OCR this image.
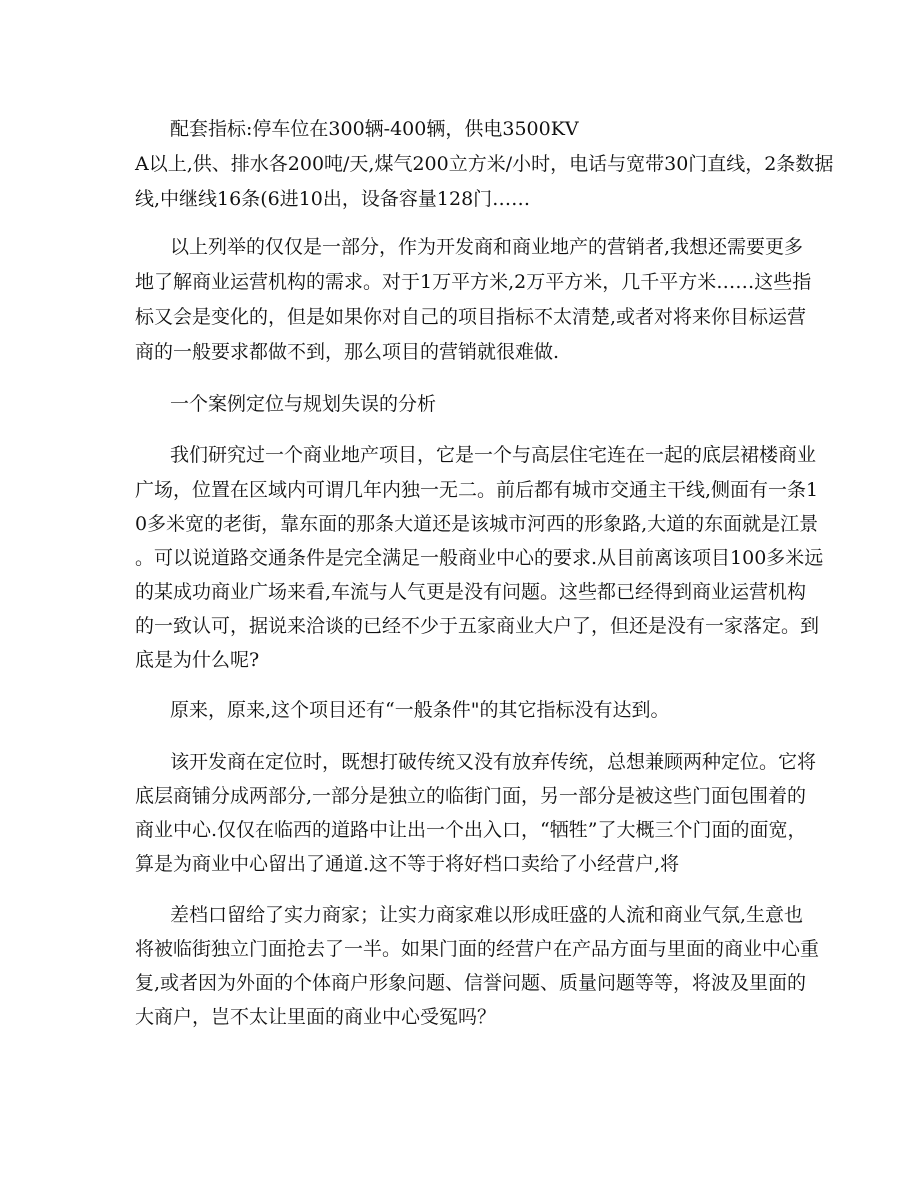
配套指标:停车位在300辆-400辆，供电3500KV
A以上,供、排水各200吨/天,煤气200立方米/小时，电话与宽带30门直线，2条数据
线,中继线16条(6进10出，设备容量128门……
以上列举的仅仅是一部分，作为开发商和商业地产的营销者,我想还需要更多
地了解商业运营机构的需求。对于1万平方米,2万平方米，几千平方米……这些指
标又会是变化的，但是如果你对自己的项目指标不太清楚,或者对将来你目标运营
商的一般要求都做不到，那么项目的营销就很难做.
一个案例定位与规划失误的分析
我们研究过一个商业地产项目，它是一个与高层住宅连在一起的底层裙楼商业
广场，位置在区域内可谓几年内独一无二。前后都有城市交通主干线,侧面有一条1
0多米宽的老街，靠东面的那条大道还是该城市河西的形象路,大道的东面就是江景
。可以说道路交通条件是完全满足一般商业中心的要求.从目前离该项目100多米远
的某成功商业广场来看,车流与人气更是没有问题。这些都已经得到商业运营机构
的一致认可，据说来洽谈的已经不少于五家商业大户了，但还是没有一家落定。到
底是为什么呢?
原来，原来,这个项目还有“一般条件"的其它指标没有达到。
该开发商在定位时，既想打破传统又没有放弃传统，总想兼顾两种定位。它将
底层商铺分成两部分,一部分是独立的临街门面，另一部分是被这些门面包围着的
商业中心.仅仅在临西的道路中让出一个出入口，“牺牲”了大概三个门面的面宽，
算是为商业中心留出了通道.这不等于将好档口卖给了小经营户,将
差档口留给了实力商家；让实力商家难以形成旺盛的人流和商业气氛,生意也
将被临街独立门面抢去了一半。如果门面的经营户在产品方面与里面的商业中心重
复,或者因为外面的个体商户形象问题、信誉问题、质量问题等等，将波及里面的
大商户，岂不太让里面的商业中心受冤吗？
